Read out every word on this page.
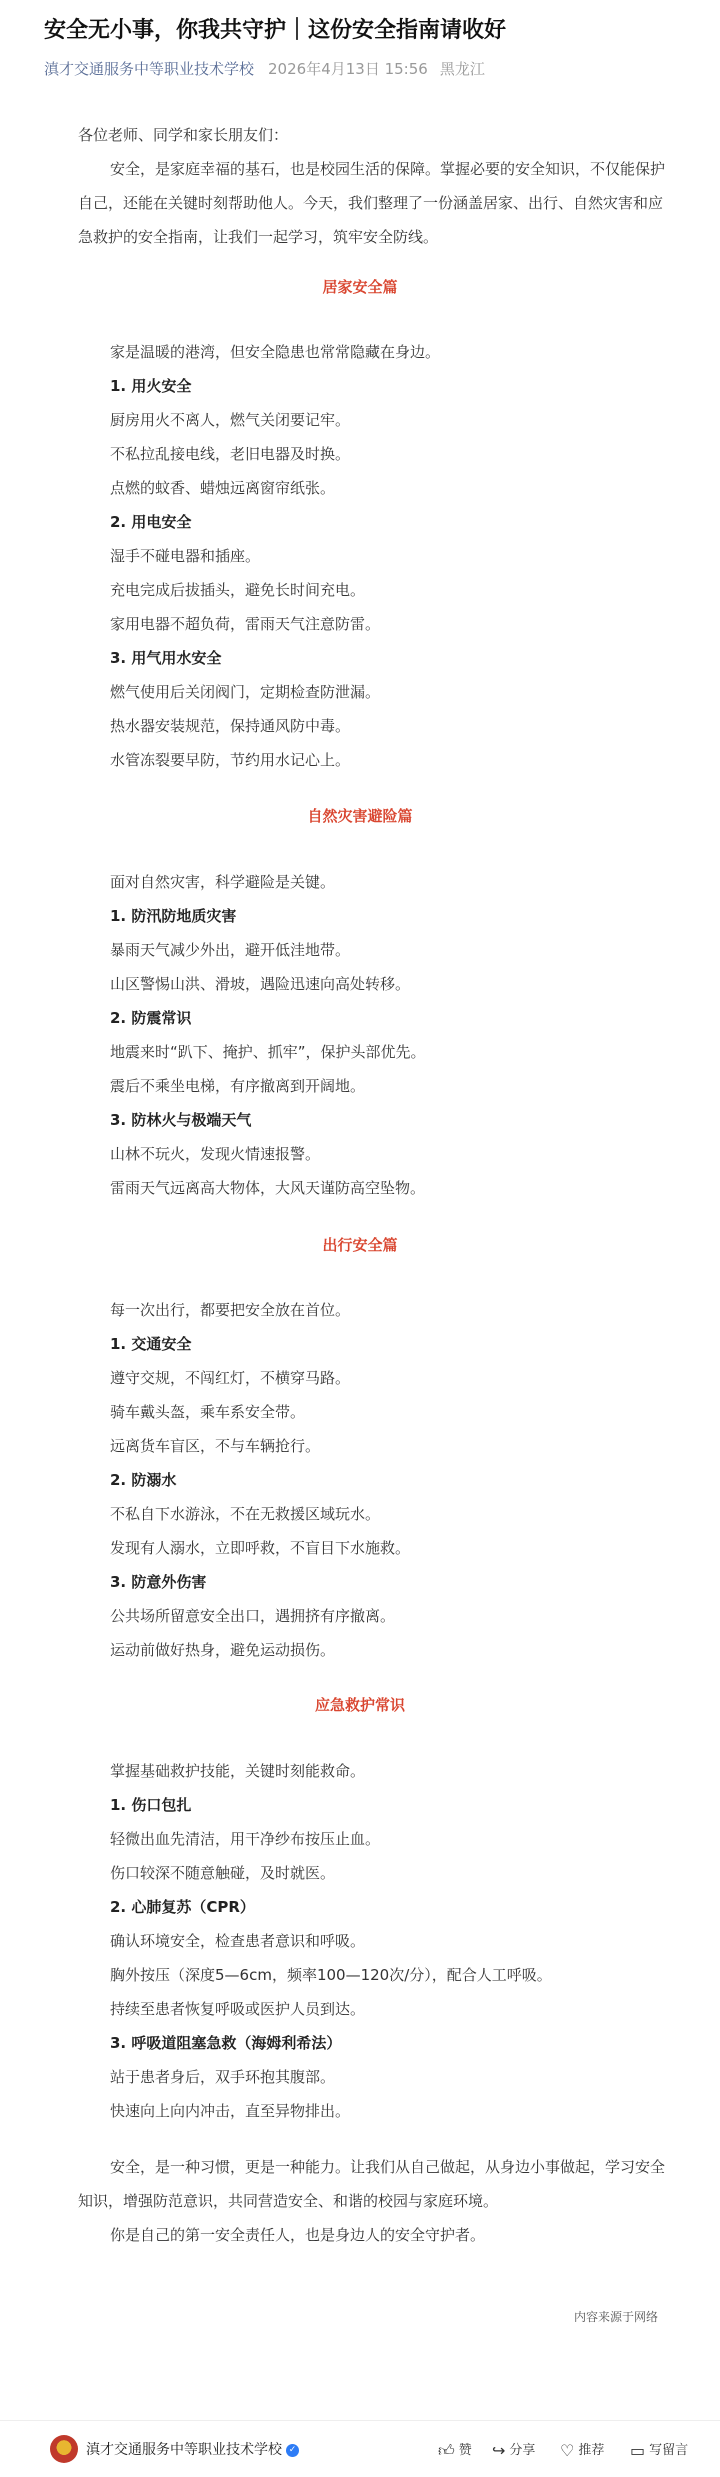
安全无小事，你我共守护｜这份安全指南请收好
滇才交通服务中等职业技术学校 2026年4月13日 15:56 黑龙江
各位老师、同学和家长朋友们：
安全，是家庭幸福的基石，也是校园生活的保障。掌握必要的安全知识，不仅能保护自己，还能在关键时刻帮助他人。今天，我们整理了一份涵盖居家、出行、自然灾害和应急救护的安全指南，让我们一起学习，筑牢安全防线。
居家安全篇
家是温暖的港湾，但安全隐患也常常隐藏在身边。
1. 用火安全
厨房用火不离人，燃气关闭要记牢。
不私拉乱接电线，老旧电器及时换。
点燃的蚊香、蜡烛远离窗帘纸张。
2. 用电安全
湿手不碰电器和插座。
充电完成后拔插头，避免长时间充电。
家用电器不超负荷，雷雨天气注意防雷。
3. 用气用水安全
燃气使用后关闭阀门，定期检查防泄漏。
热水器安装规范，保持通风防中毒。
水管冻裂要早防，节约用水记心上。
自然灾害避险篇
面对自然灾害，科学避险是关键。
1. 防汛防地质灾害
暴雨天气减少外出，避开低洼地带。
山区警惕山洪、滑坡，遇险迅速向高处转移。
2. 防震常识
地震来时“趴下、掩护、抓牢”，保护头部优先。
震后不乘坐电梯，有序撤离到开阔地。
3. 防林火与极端天气
山林不玩火，发现火情速报警。
雷雨天气远离高大物体，大风天谨防高空坠物。
出行安全篇
每一次出行，都要把安全放在首位。
1. 交通安全
遵守交规，不闯红灯，不横穿马路。
骑车戴头盔，乘车系安全带。
远离货车盲区，不与车辆抢行。
2. 防溺水
不私自下水游泳，不在无救援区域玩水。
发现有人溺水，立即呼救，不盲目下水施救。
3. 防意外伤害
公共场所留意安全出口，遇拥挤有序撤离。
运动前做好热身，避免运动损伤。
应急救护常识
掌握基础救护技能，关键时刻能救命。
1. 伤口包扎
轻微出血先清洁，用干净纱布按压止血。
伤口较深不随意触碰，及时就医。
2. 心肺复苏（CPR）
确认环境安全，检查患者意识和呼吸。
胸外按压（深度5—6cm，频率100—120次/分），配合人工呼吸。
持续至患者恢复呼吸或医护人员到达。
3. 呼吸道阻塞急救（海姆利希法）
站于患者身后，双手环抱其腹部。
快速向上向内冲击，直至异物排出。
安全，是一种习惯，更是一种能力。让我们从自己做起，从身边小事做起，学习安全知识，增强防范意识，共同营造安全、和谐的校园与家庭环境。
你是自己的第一安全责任人，也是身边人的安全守护者。
内容来源于网络
滇才交通服务中等职业技术学校 ✓	👍︎ 赞 ↪ 分享 ♡ 推荐 ▭ 写留言
